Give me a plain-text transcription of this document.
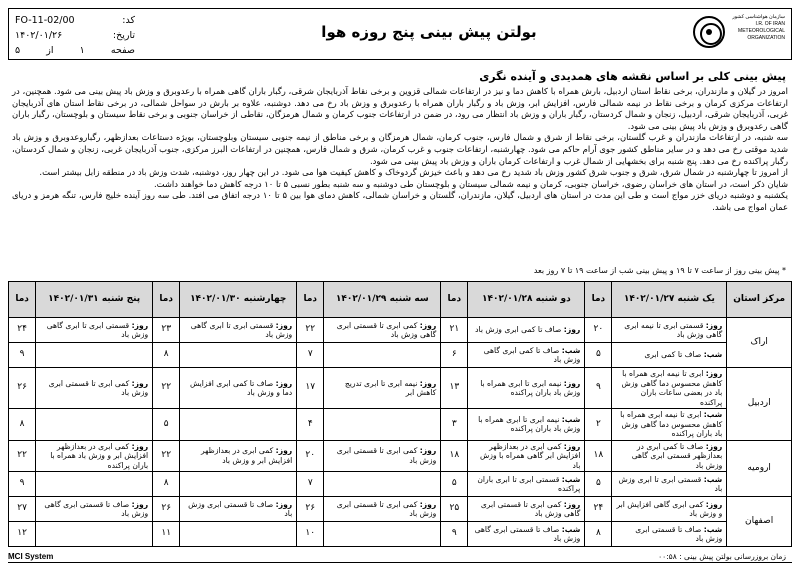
سازمان هواشناسی کشور
I.R. OF IRAN METEOROLOGICAL ORGANIZATION
بولتن پیش بینی پنج روزه هوا
کد:
FO-11-02/00
تاریخ:
۱۴۰۲/۰۱/۲۶
صفحه
۱
از
۵
پیش بینی کلی بر اساس نقشه های همدیدی و آینده نگری

امروز در گیلان و مازندران، برخی نقاط استان اردبیل، بارش همراه با کاهش دما و نیز در ارتفاعات شمالی قزوین و برخی نقاط آذربایجان شرقی، رگبار باران گاهی همراه با رعدوبرق و وزش باد پیش بینی می شود. همچنین، در ارتفاعات مرکزی کرمان و برخی نقاط در نیمه شمالی فارس، افزایش ابر، وزش باد و رگبار باران همراه با رعدوبرق و وزش باد رخ می دهد. دوشنبه، علاوه بر بارش در سواحل شمالی، در برخی نقاط استان های آذربایجان غربی، آذربایجان شرقی، اردبیل، زنجان و شمال کردستان، رگبار باران و وزش باد انتظار می رود، در ضمن در ارتفاعات جنوب کرمان و شمال هرمزگان، نقاطی از خراسان جنوبی و برخی نقاط سیستان و بلوچستان، رگبار باران گاهی رعدوبرق و وزش باد پیش بینی می شود.

سه شنبه، در ارتفاعات مازندران و غرب گلستان، برخی نقاط از شرق و شمال فارس، جنوب کرمان، شمال هرمزگان و برخی مناطق از نیمه جنوبی سیستان وبلوچستان، بویژه دستاعات بعدازظهر، رگباروعدوبرق و وزش باد شدید موقتی رخ می دهد و در سایر مناطق کشور جوی آرام حاکم می شود. چهارشنبه، ارتفاعات جنوب و غرب کرمان، شرق و شمال فارس، همچنین در ارتفاعات البرز مرکزی، جنوب آذربایجان غربی، زنجان و شمال کردستان، رگبار پراکنده رخ می دهد. پنج شنبه برای بخشهایی از شمال غرب و ارتفاعات کرمان باران و وزش باد پیش بینی می شود.

از امروز تا چهارشنبه در شمال شرق، شرق و جنوب شرق کشور وزش باد شدید رخ می دهد و باعث خیزش گردوخاک و کاهش کیفیت هوا می شود. در این چهار روز، دوشنبه، شدت وزش باد در منطقه زابل بیشتر است.

شایان ذکر است، در استان های خراسان رضوی، خراسان جنوبی، کرمان و نیمه شمالی سیستان و بلوچستان طی دوشنبه و سه شنبه بطور نسبی ۵ تا ۱۰ درجه کاهش دما خواهند داشت.

یکشنبه و دوشنبه دریای خزر مواج است و طی این مدت در استان های اردبیل، گیلان، مازندران، گلستان و خراسان شمالی، کاهش دمای هوا بین ۵ تا ۱۰ درجه اتفاق می افتد. طی سه روز آینده خلیج فارس، تنگه هرمز و دریای عمان امواج می باشد.

* پیش بینی روز از ساعت ۷ تا ۱۹ و پیش بینی شب از ساعت ۱۹ تا ۷ روز بعد
مرکز استان	یک شنبه ۱۴۰۲/۰۱/۲۷	دما	دو شنبه ۱۴۰۲/۰۱/۲۸	دما	سه شنبه ۱۴۰۲/۰۱/۲۹	دما	چهارشنبه ۱۴۰۲/۰۱/۳۰	دما	پنج شنبه ۱۴۰۲/۰۱/۳۱	دما
اراک	روز: قسمتی ابری تا نیمه ابری گاهی وزش باد	۲۰	روز: صاف تا کمی ابری وزش باد	۲۱	روز: کمی ابری تا قسمتی ابری گاهی وزش باد	۲۲	روز: قسمتی ابری تا ابری گاهی وزش باد	۲۳	روز: قسمتی ابری تا ابری گاهی وزش باد	۲۴
	شب: صاف تا کمی ابری	۵	شب: صاف تا کمی ابری گاهی وزش باد	۶		۷		۸		۹
اردبیل	روز: ابری تا نیمه ابری همراه با کاهش محسوس دما گاهی وزش باد در بعضی ساعات باران پراکنده	۹	روز: نیمه ابری تا ابری همراه با وزش باد باران پراکنده	۱۳	روز: نیمه ابری تا ابری تدریج کاهش ابر	۱۷	روز: صاف تا کمی ابری افزایش دما و وزش باد	۲۲	روز: کمی ابری تا قسمتی ابری وزش باد	۲۶
	شب: ابری تا نیمه ابری همراه با کاهش محسوس دما گاهی وزش باد باران پراکنده	۲	شب: نیمه ابری تا ابری همراه با وزش باد باران پراکنده	۳		۴		۵		۸
ارومیه	روز: صاف تا کمی ابری در بعدازظهر قسمتی ابری گاهی وزش باد	۱۸	روز: کمی ابری در بعدازظهر افزایش ابر گاهی همراه با وزش باد	۱۸	روز: کمی ابری تا قسمتی ابری وزش باد	۲۰	روز: کمی ابری در بعدازظهر افزایش ابر و وزش باد	۲۲	روز: کمی ابری در بعدازظهر افزایش ابر و وزش باد همراه با باران پراکنده	۲۲
	شب: قسمتی ابری تا ابری وزش باد	۵	شب: قسمتی ابری تا ابری باران پراکنده	۵		۷		۸		۹
اصفهان	روز: کمی ابری گاهی افزایش ابر و وزش باد	۲۴	روز: کمی ابری تا قسمتی ابری گاهی وزش باد	۲۵	روز: کمی ابری تا قسمتی ابری وزش باد	۲۶	روز: صاف تا قسمتی ابری وزش باد	۲۶	روز: صاف تا قسمتی ابری گاهی وزش باد	۲۷
	شب: صاف تا قسمتی ابری وزش باد	۸	شب: صاف تا قسمتی ابری گاهی وزش باد	۹		۱۰		۱۱		۱۲
MCI System	زمان بروزرسانی بولتن پیش بینی : ۰۰:۵۸
